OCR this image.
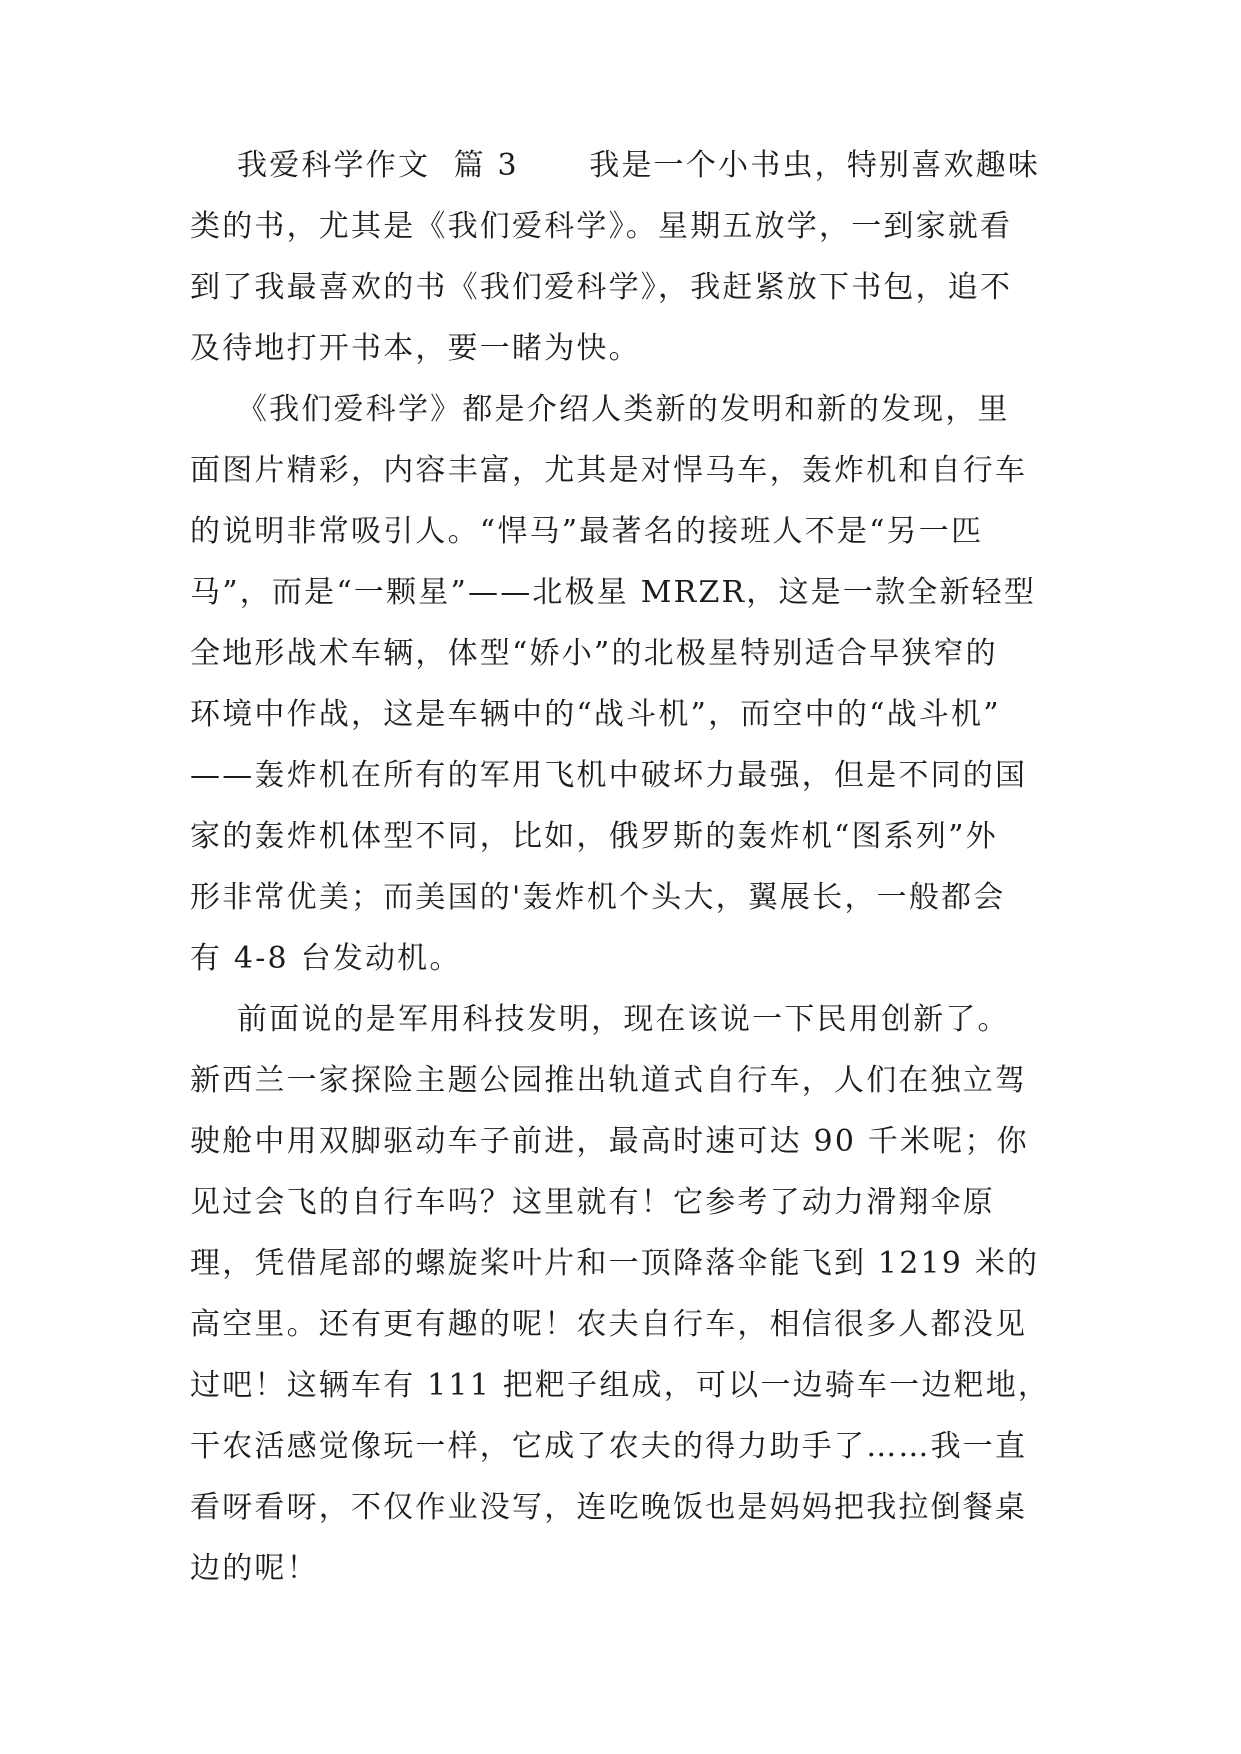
我爱科学作文  篇 3      我是一个小书虫，特别喜欢趣味
类的书，尤其是《我们爱科学》。星期五放学，一到家就看
到了我最喜欢的书《我们爱科学》，我赶紧放下书包，追不
及待地打开书本，要一睹为快。
《我们爱科学》都是介绍人类新的发明和新的发现，里
面图片精彩，内容丰富，尤其是对悍马车，轰炸机和自行车
的说明非常吸引人。“悍马”最著名的接班人不是“另一匹
马”，而是“一颗星”——北极星 MRZR，这是一款全新轻型
全地形战术车辆，体型“娇小”的北极星特别适合早狭窄的
环境中作战，这是车辆中的“战斗机”，而空中的“战斗机”
——轰炸机在所有的军用飞机中破坏力最强，但是不同的国
家的轰炸机体型不同，比如，俄罗斯的轰炸机“图系列”外
形非常优美；而美国的'轰炸机个头大，翼展长，一般都会
有 4-8 台发动机。
前面说的是军用科技发明，现在该说一下民用创新了。
新西兰一家探险主题公园推出轨道式自行车，人们在独立驾
驶舱中用双脚驱动车子前进，最高时速可达 90 千米呢；你
见过会飞的自行车吗？这里就有！它参考了动力滑翔伞原
理，凭借尾部的螺旋桨叶片和一顶降落伞能飞到 1219 米的
高空里。还有更有趣的呢！农夫自行车，相信很多人都没见
过吧！这辆车有 111 把粑子组成，可以一边骑车一边粑地，
干农活感觉像玩一样，它成了农夫的得力助手了……我一直
看呀看呀，不仅作业没写，连吃晚饭也是妈妈把我拉倒餐桌
边的呢！
